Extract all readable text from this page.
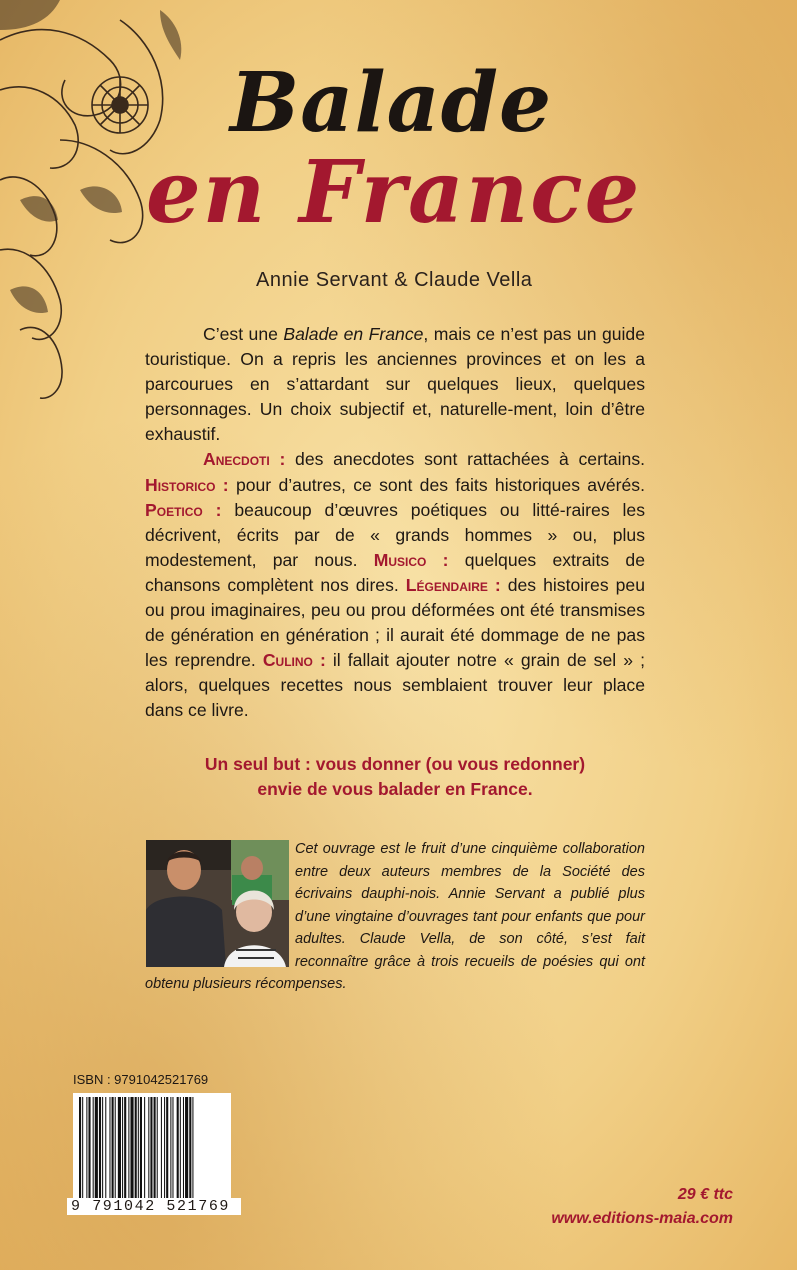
Balade
en France

Annie Servant & Claude Vella

C’est une Balade en France, mais ce n’est pas un guide touristique. On a repris les anciennes provinces et on les a parcourues en s’attardant sur quelques lieux, quelques personnages. Un choix subjectif et, naturelle-ment, loin d’être exhaustif.

Anecdoti : des anecdotes sont rattachées à certains. Historico : pour d’autres, ce sont des faits historiques avérés. Poetico : beaucoup d’œuvres poétiques ou litté-raires les décrivent, écrits par de « grands hommes » ou, plus modestement, par nous. Musico : quelques extraits de chansons complètent nos dires. Légendaire : des histoires peu ou prou imaginaires, peu ou prou déformées ont été transmises de génération en génération ; il aurait été dommage de ne pas les reprendre. Culino : il fallait ajouter notre « grain de sel » ; alors, quelques recettes nous semblaient trouver leur place dans ce livre.

Un seul but : vous donner (ou vous redonner)
envie de vous balader en France.
Cet ouvrage est le fruit d’une cinquième collaboration entre deux auteurs membres de la Société des écrivains dauphi-nois. Annie Servant a publié plus d’une vingtaine d’ouvrages tant pour enfants que pour adultes. Claude Vella, de son côté, s’est fait reconnaître grâce à trois recueils de poésies qui ont obtenu plusieurs récompenses.
ISBN : 9791042521769
9 791042 521769
29 € ttc
www.editions-maia.com
